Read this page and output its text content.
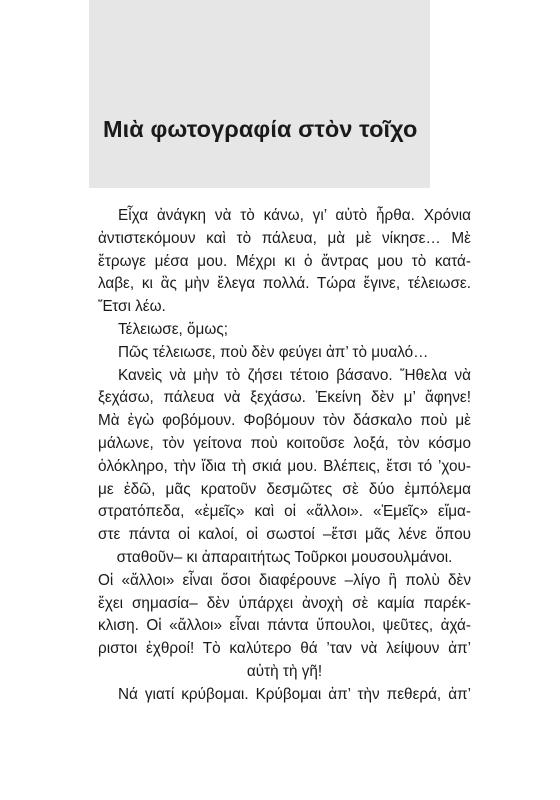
Μιὰ φωτογραφία στὸν τοῖχο
Εἶχα ἀνάγκη νὰ τὸ κάνω, γι’ αὐτὸ ἦρθα. Χρόνια
ἀντιστεκόμουν καὶ τὸ πάλευα, μὰ μὲ νίκησε… Μὲ
ἔτρωγε μέσα μου. Μέχρι κι ὁ ἄντρας μου τὸ κατά-
λαβε, κι ἂς μὴν ἔλεγα πολλά. Τώρα ἔγινε, τέλειωσε.
Ἔτσι λέω.
Τέλειωσε, ὅμως;
Πῶς τέλειωσε, ποὺ δὲν φεύγει ἀπ’ τὸ μυαλό…
Κανεὶς νὰ μὴν τὸ ζήσει τέτοιο βάσανο. Ἤθελα νὰ
ξεχάσω, πάλευα νὰ ξεχάσω. Ἐκείνη δὲν μ’ ἄφηνε!
Μὰ ἐγὼ φοβόμουν. Φοβόμουν τὸν δάσκαλο ποὺ μὲ
μάλωνε, τὸν γείτονα ποὺ κοιτοῦσε λοξά, τὸν κόσμο
ὁλόκληρο, τὴν ἴδια τὴ σκιά μου. Βλέπεις, ἔτσι τό ’χου-
με ἐδῶ, μᾶς κρατοῦν δεσμῶτες σὲ δύο ἐμπόλεμα
στρατόπεδα, «ἐμεῖς» καὶ οἱ «ἄλλοι». «Ἐμεῖς» εἴμα-
στε πάντα οἱ καλοί, οἱ σωστοί –ἔτσι μᾶς λένε ὅπου
σταθοῦν– κι ἀπαραιτήτως Τοῦρκοι μουσουλμάνοι.
Οἱ «ἄλλοι» εἶναι ὅσοι διαφέρουνε –λίγο ἢ πολὺ δὲν
ἔχει σημασία– δὲν ὑπάρχει ἀνοχὴ σὲ καμία παρέκ-
κλιση. Οἱ «ἄλλοι» εἶναι πάντα ὕπουλοι, ψεῦτες, ἀχά-
ριστοι ἐχθροί! Τὸ καλύτερο θά ’ταν νὰ λείψουν ἀπ’
αὐτὴ τὴ γῆ!
Νά γιατί κρύβομαι. Κρύβομαι ἀπ’ τὴν πεθερά, ἀπ’
